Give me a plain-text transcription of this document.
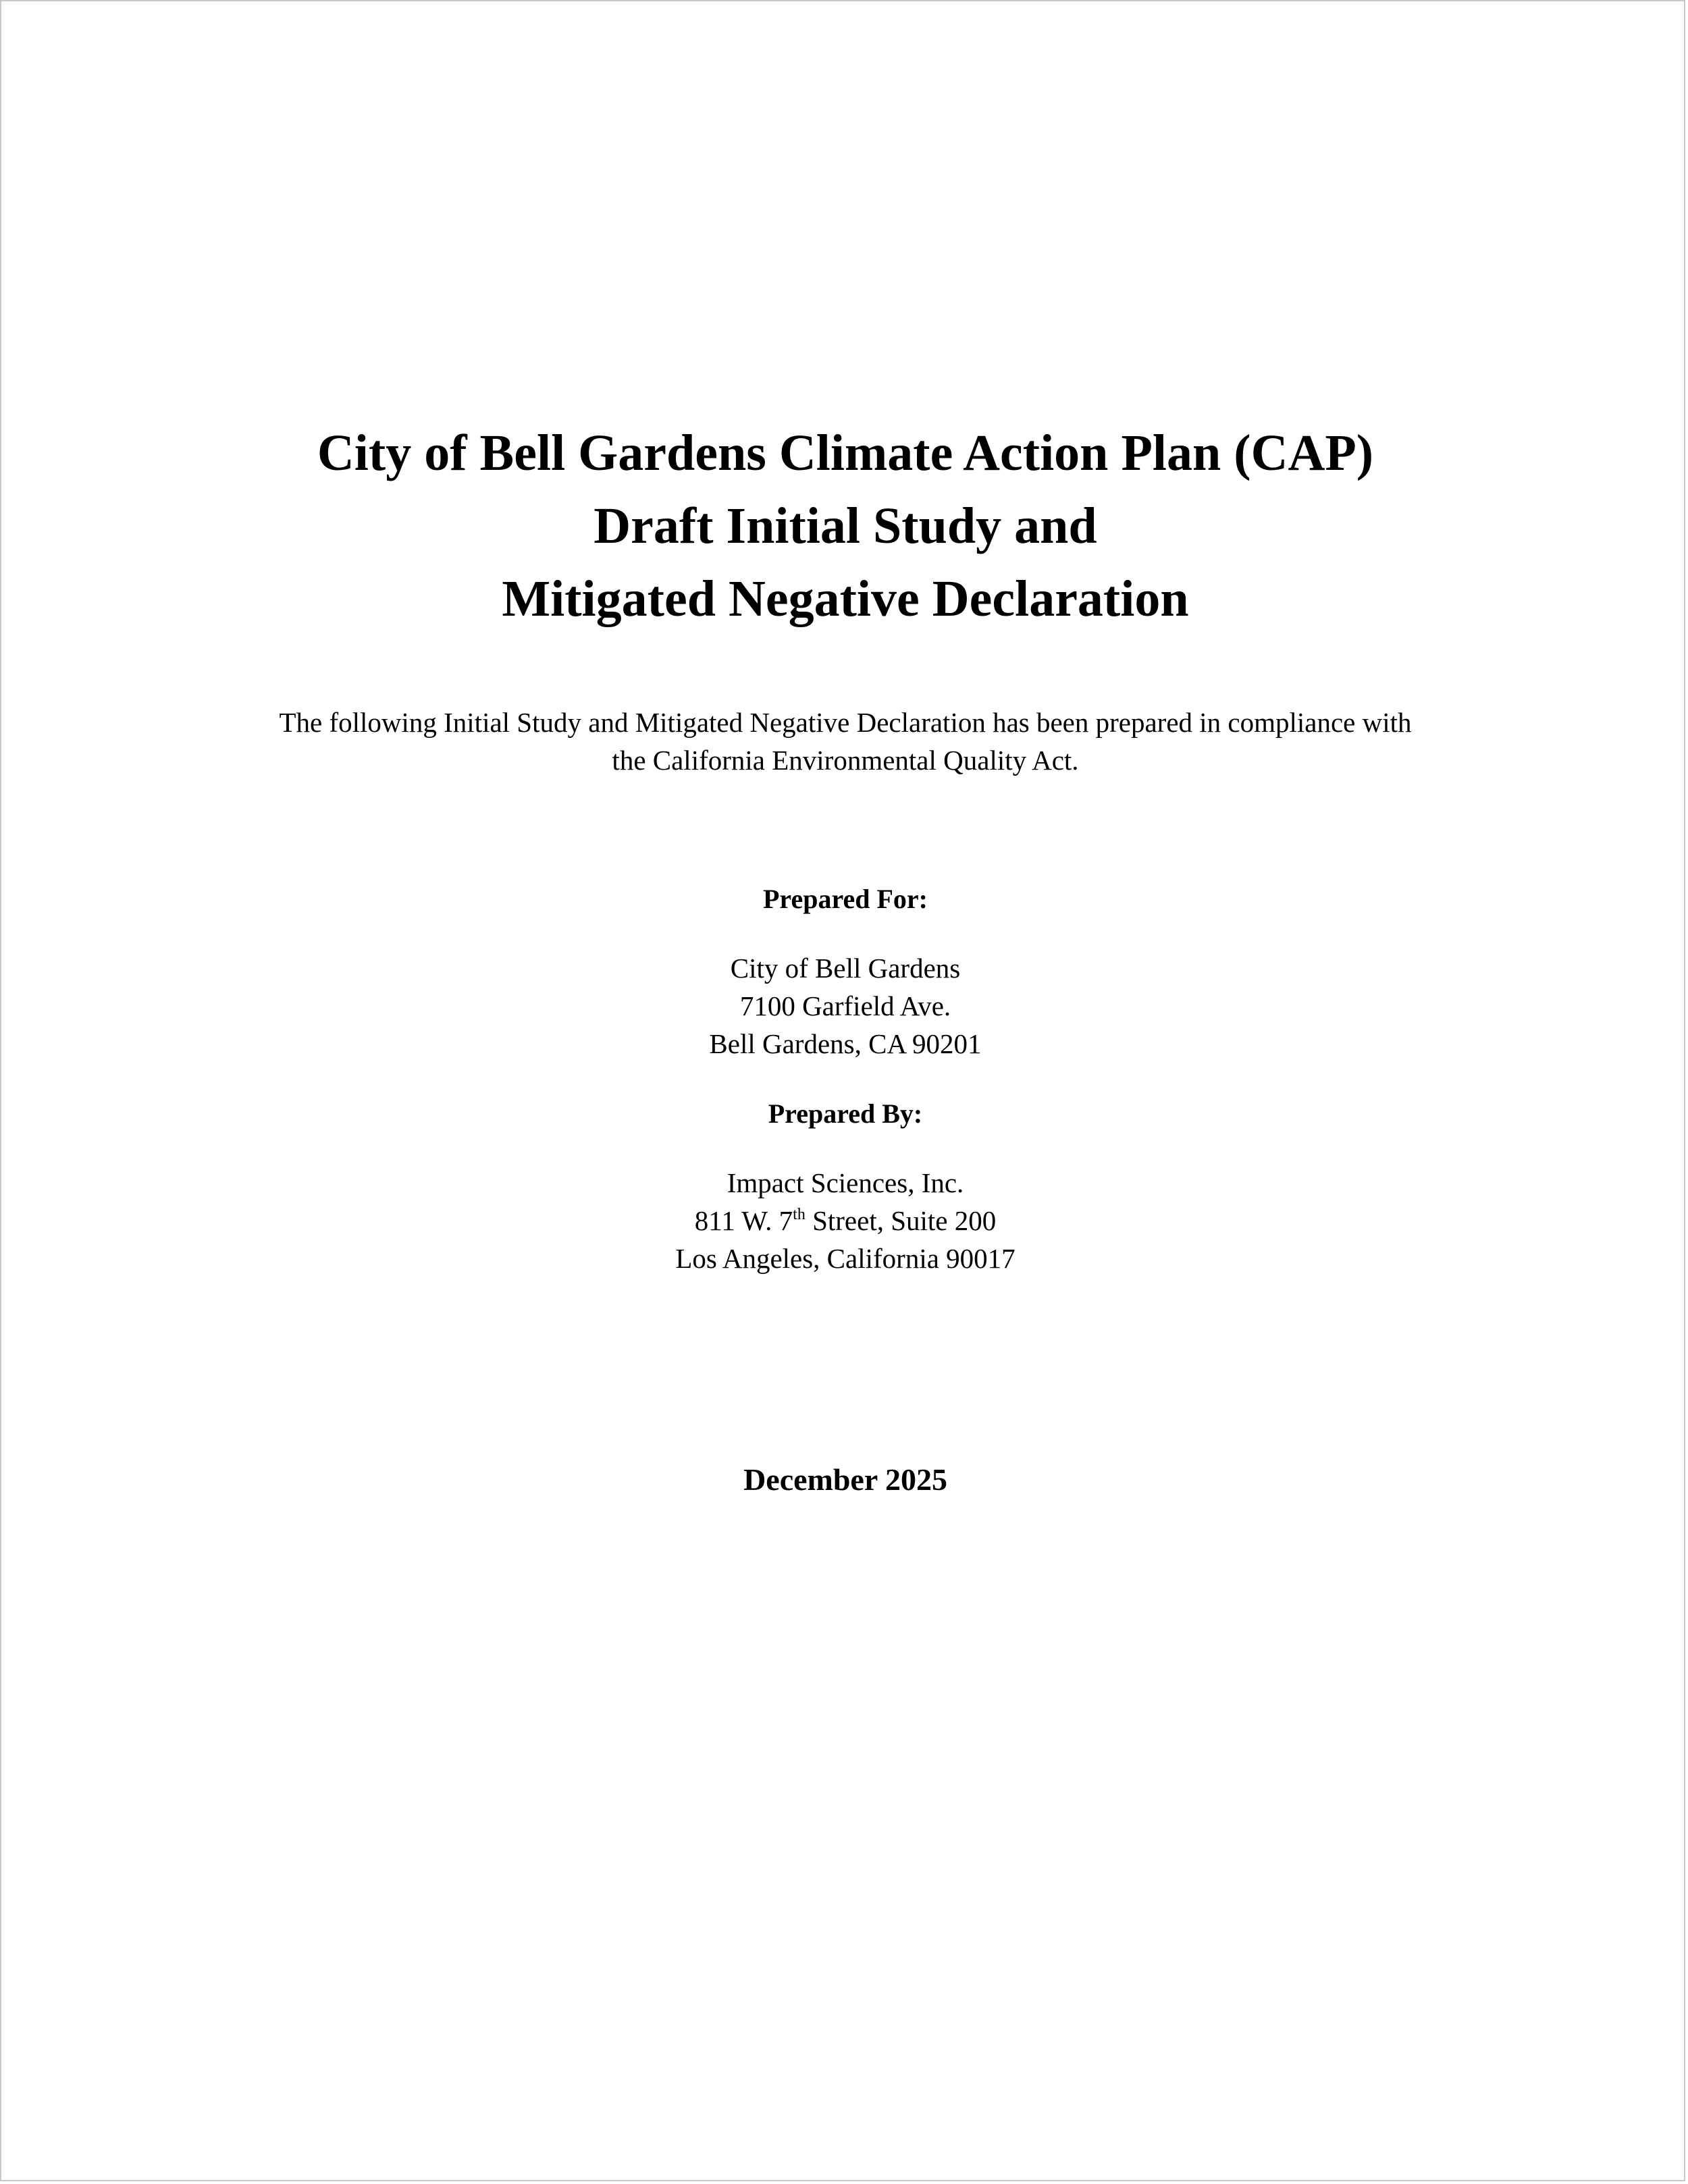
City of Bell Gardens Climate Action Plan (CAP)
Draft Initial Study and
Mitigated Negative Declaration
The following Initial Study and Mitigated Negative Declaration has been prepared in compliance with
the California Environmental Quality Act.
Prepared For:
City of Bell Gardens
7100 Garfield Ave.
Bell Gardens, CA 90201
Prepared By:
Impact Sciences, Inc.
811 W. 7th Street, Suite 200
Los Angeles, California 90017
December 2025
